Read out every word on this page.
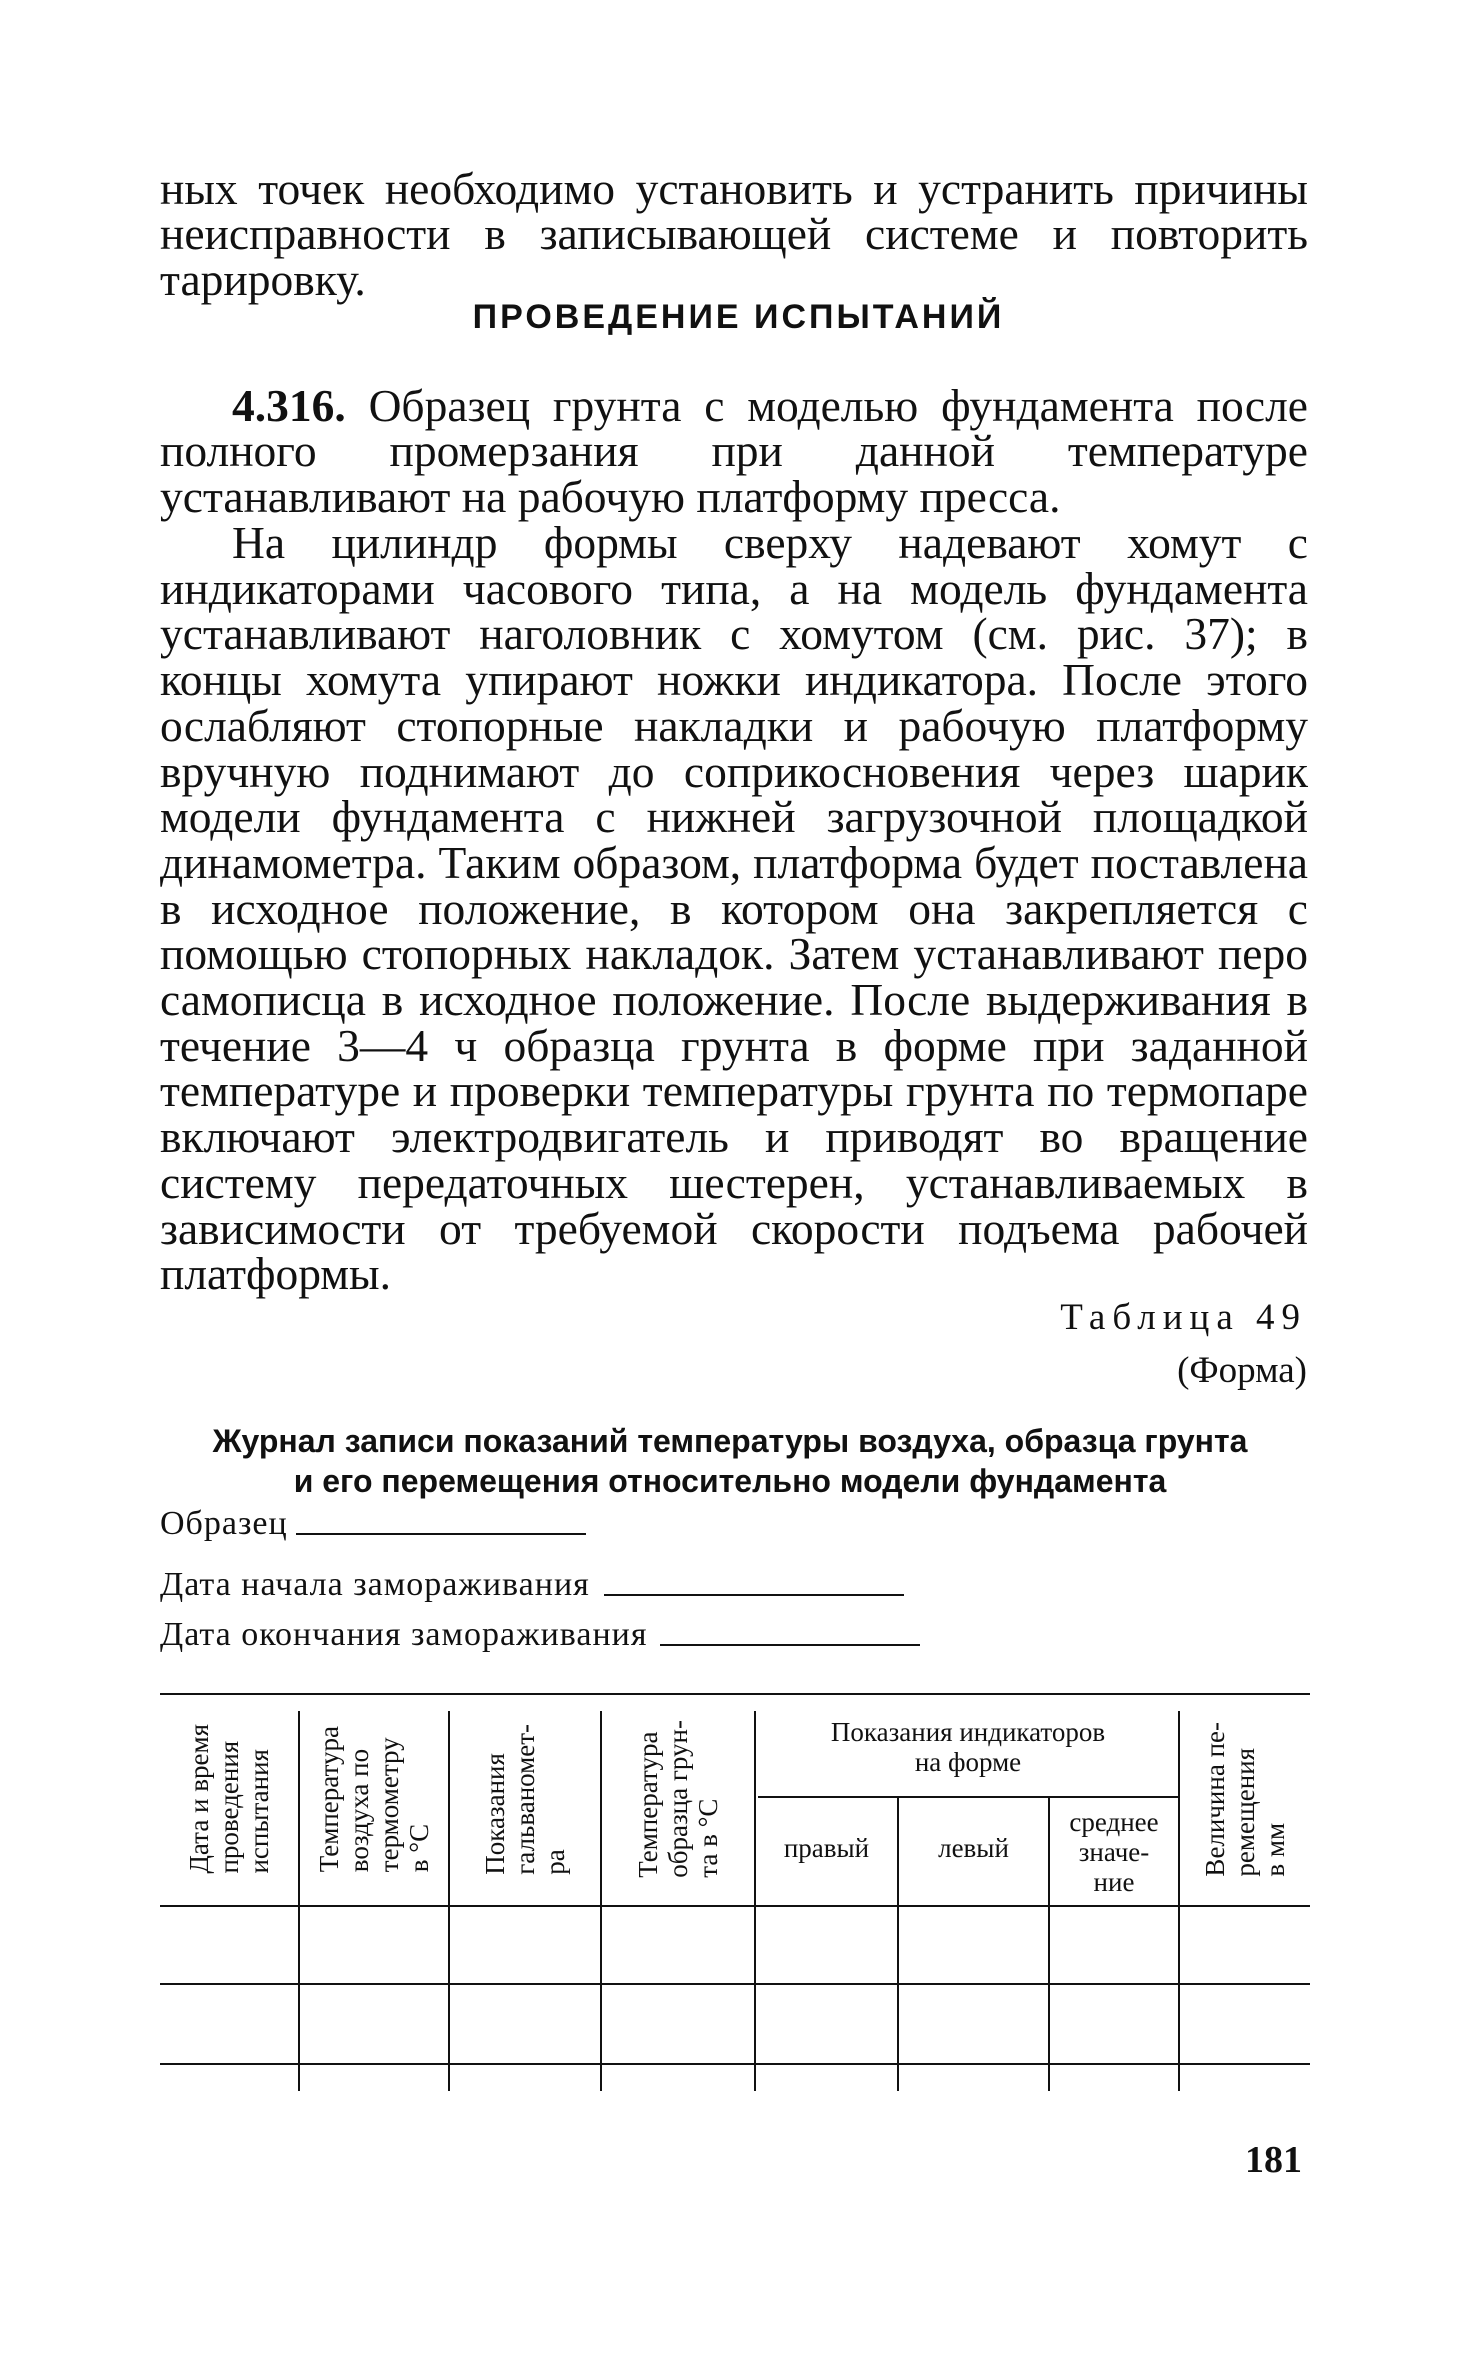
ных точек необходимо установить и устранить причины неисправности в записывающей системе и повторить тарировку.

ПРОВЕДЕНИЕ ИСПЫТАНИЙ

4.316. Образец грунта с моделью фундамента после полного промерзания при данной температуре устанавливают на рабочую платформу пресса.

На цилиндр формы сверху надевают хомут с индикаторами часового типа, а на модель фундамента устанавливают наголовник с хомутом (см. рис. 37); в концы хомута упирают ножки индикатора. После этого ослабляют стопорные накладки и рабочую платформу вручную поднимают до соприкосновения через шарик модели фундамента с нижней загрузочной площадкой динамометра. Таким образом, платформа будет поставлена в исходное положение, в котором она закрепляется с помощью стопорных накладок. Затем устанавливают перо самописца в исходное положение. После выдерживания в течение 3—4 ч образца грунта в форме при заданной температуре и проверки температуры грунта по термопаре включают электродвигатель и приводят во вращение систему передаточных шестерен, устанавливаемых в зависимости от требуемой скорости подъема рабочей платформы.

Таблица 49

(Форма)

Журнал записи показаний температуры воздуха, образца грунта
и его перемещения относительно модели фундамента
Образец
Дата начала замораживания
Дата окончания замораживания
Дата и время
проведения
испытания Температура
воздуха по
термометру
в °С Показания
гальваномет-
ра Температура
образца грун-
та в °С	Величина пе-
ремещения
в мм
Показания индикаторов
на форме
правый	левый
среднее
значе-
ние

181
